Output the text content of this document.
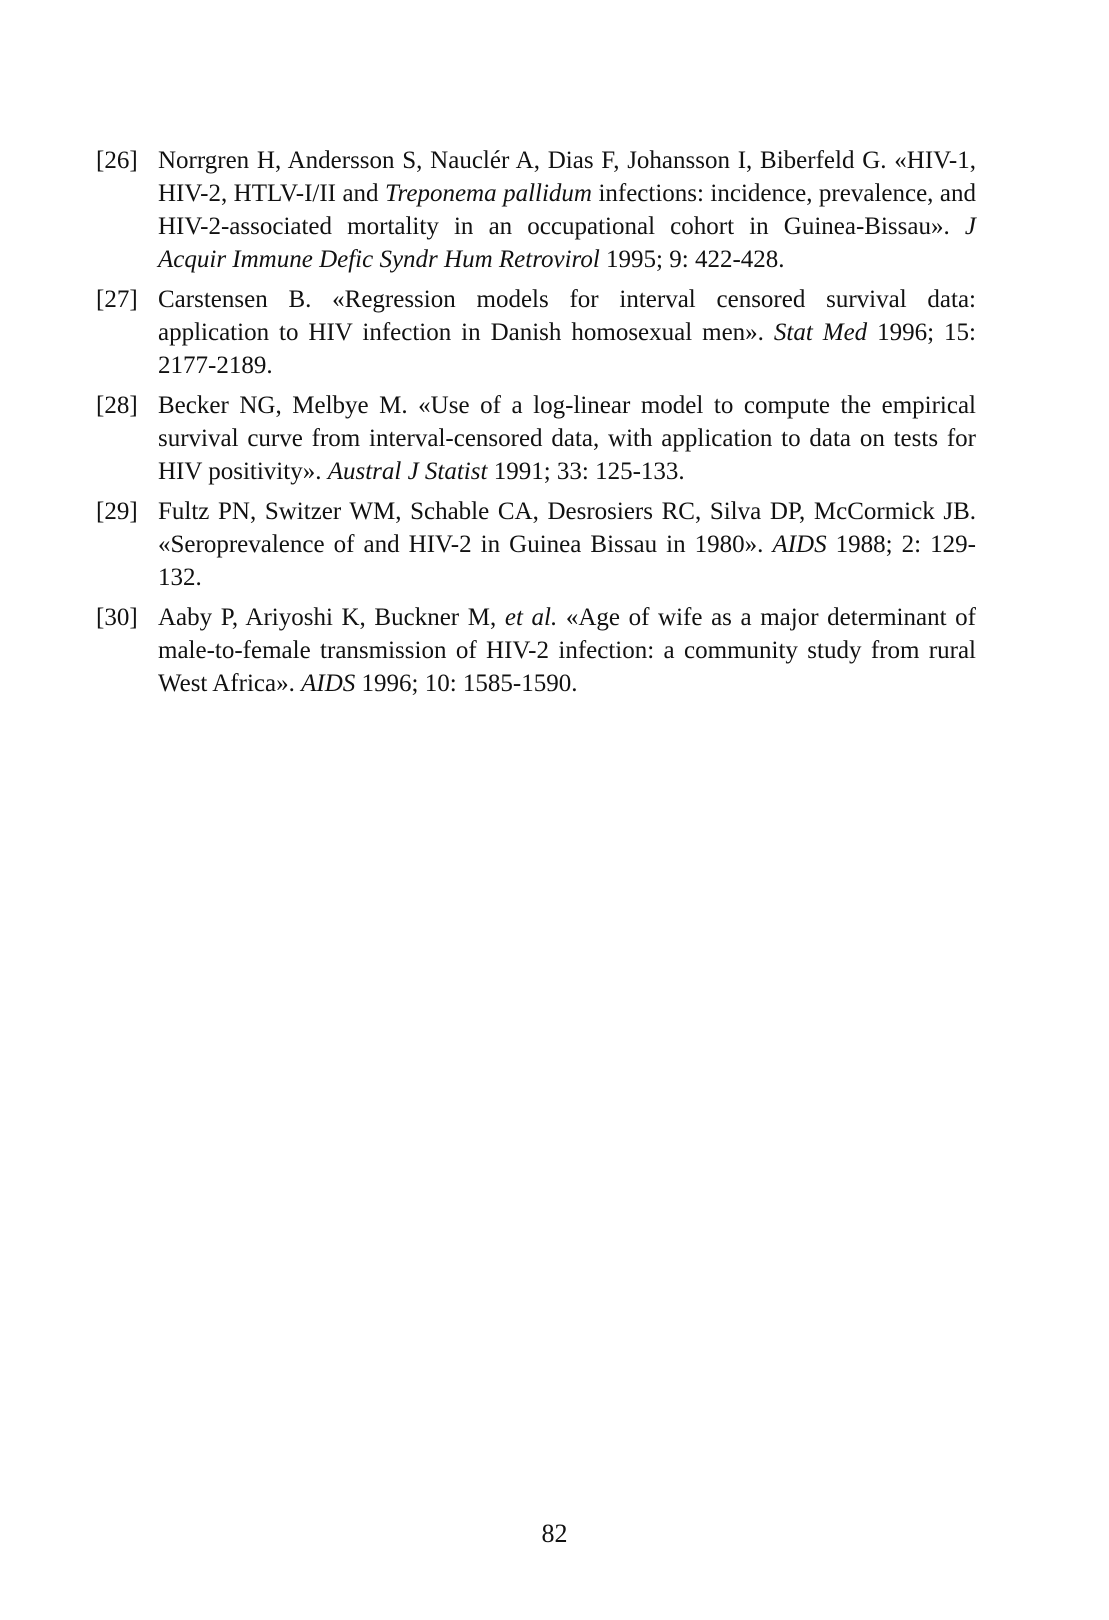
[26] Norrgren H, Andersson S, Nauclér A, Dias F, Johansson I, Biberfeld G. «HIV-1, HIV-2, HTLV-I/II and Treponema pallidum infections: incidence, prevalence, and HIV-2-associated mortality in an occupational cohort in Guinea-Bissau». J Acquir Immune Defic Syndr Hum Retrovirol 1995; 9: 422-428.
[27] Carstensen B. «Regression models for interval censored survival data: application to HIV infection in Danish homosexual men». Stat Med 1996; 15: 2177-2189.
[28] Becker NG, Melbye M. «Use of a log-linear model to compute the empirical survival curve from interval-censored data, with application to data on tests for HIV positivity». Austral J Statist 1991; 33: 125-133.
[29] Fultz PN, Switzer WM, Schable CA, Desrosiers RC, Silva DP, McCormick JB. «Seroprevalence of and HIV-2 in Guinea Bissau in 1980». AIDS 1988; 2: 129-132.
[30] Aaby P, Ariyoshi K, Buckner M, et al. «Age of wife as a major determinant of male-to-female transmission of HIV-2 infection: a community study from rural West Africa». AIDS 1996; 10: 1585-1590.
82
